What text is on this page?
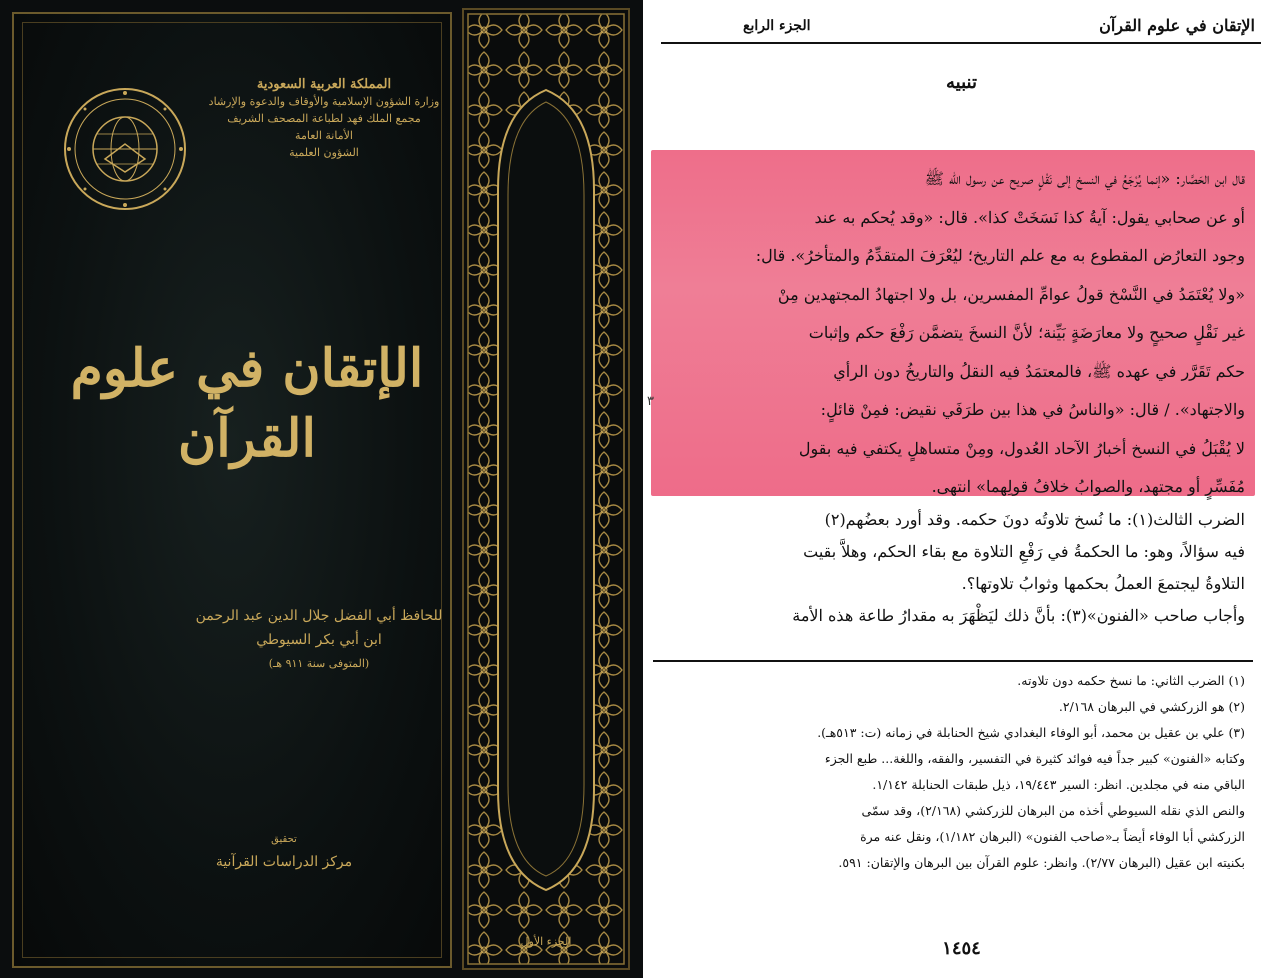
المملكة العربية السعودية
وزارة الشؤون الإسلامية والأوقاف والدعوة والإرشاد
مجمع الملك فهد لطباعة المصحف الشريف
الأمانة العامة
الشؤون العلمية
الإتقان في علوم القرآن
للحافظ أبي الفضل جلال الدين عبد الرحمن
ابن أبي بكر السيوطي
(المتوفى سنة ٩١١ هـ)
تحقيق
مركز الدراسات القرآنية
الجزء الأول
الإتقان في علوم القرآن
الجزء الرابع
تنبيه

قال ابن الحَصَّار: «إنما يُرْجَعُ في النسخ إلى نَقْلٍ صريح عن رسول الله ﷺ

أو عن صحابي يقول: آيةُ كذا نَسَخَتْ كذا». قال: «وقد يُحكم به عند

وجود التعارُض المقطوع به مع علم التاريخ؛ ليُعْرَفَ المتقدِّمُ والمتأخرُ». قال:

«ولا يُعْتَمَدُ في النَّسْخ قولُ عوامِّ المفسرين، بل ولا اجتهادُ المجتهدين مِنْ

غير نَقْلٍ صحيحٍ ولا معارَضَةٍ بَيِّنة؛ لأنَّ النسخَ يتضمَّن رَفْعَ حكم وإثبات

حكم تَقَرَّر في عهده ﷺ، فالمعتمَدُ فيه النقلُ والتاريخُ دون الرأي

والاجتهاد». / قال: «والناسُ في هذا بين طرَفَي نقيض: فمِنْ قائلٍ:

لا يُقْبَلُ في النسخ أخبارُ الآحاد العُدول، ومِنْ متساهلٍ يكتفي فيه بقول

مُفَسِّرٍ أو مجتهد، والصوابُ خلافُ قولِهما» انتهى.

٣

الضرب الثالث(١): ما نُسخ تلاوتُه دونَ حكمه. وقد أورد بعضُهم(٢)

فيه سؤالاً، وهو: ما الحكمةُ في رَفْعِ التلاوة مع بقاء الحكم، وهلاَّ بقيت

التلاوةُ ليجتمعَ العملُ بحكمها وثوابُ تلاوتها؟.

وأجاب صاحب «الفنون»(٣): بأنَّ ذلك ليَظْهَرَ به مقدارُ طاعة هذه الأمة

(١) الضرب الثاني: ما نسخ حكمه دون تلاوته.
(٢) هو الزركشي في البرهان ٢/١٦٨.
(٣) علي بن عقيل بن محمد، أبو الوفاء البغدادي شيخ الحنابلة في زمانه (ت: ٥١٣هـ).
وكتابه «الفنون» كبير جداً فيه فوائد كثيرة في التفسير، والفقه، واللغة... طبع الجزء
الباقي منه في مجلدين. انظر: السير ١٩/٤٤٣، ذيل طبقات الحنابلة ١/١٤٢.
والنص الذي نقله السيوطي أخذه من البرهان للزركشي (٢/١٦٨)، وقد سمّى
الزركشي أبا الوفاء أيضاً بـ«صاحب الفنون» (البرهان ١/١٨٢)، ونقل عنه مرة
بكنيته ابن عقيل (البرهان ٢/٧٧). وانظر: علوم القرآن بين البرهان والإتقان: ٥٩١.
١٤٥٤
